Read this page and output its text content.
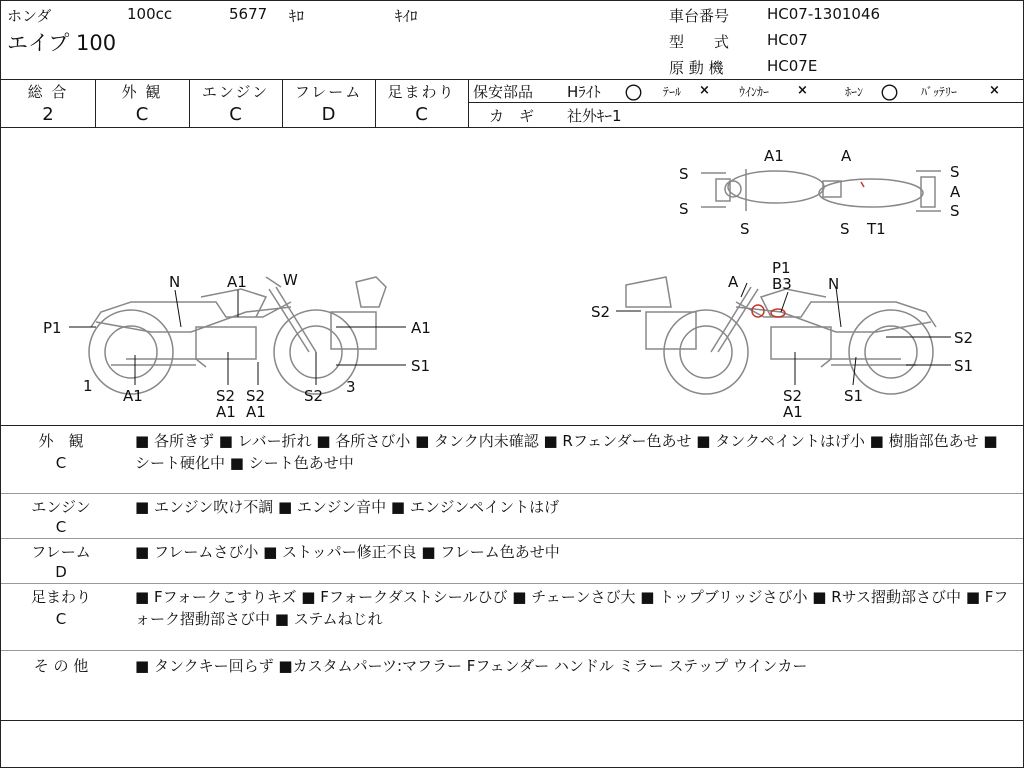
ホンダ	100cc	5677 ｷﾛ	ｷｲﾛ
エイプ 100
車台番号	HC07-1301046
型　　式	HC07
原 動 機	HC07E
総 合
2
外 観
C
エンジン
C
フレーム
D
足まわり
C
保安部品 Hﾗｲﾄ 〇 ﾃｰﾙ × ｳｲﾝｶｰ ×	ﾎｰﾝ 〇 ﾊﾞｯﾃﾘｰ ×
カ　ギ 社外ｷｰ1
N	A1 W
P1	A1
1
A1	S2 S2
A1 A1
S2 3
S1
A
P1
B3 N
S2
S2
S1
S2
A1
S1
A1	A
S
S
S
A
S
S	S T1
外　観
C
■ 各所きず ■ レバー折れ ■ 各所さび小 ■ タンク内未確認 ■ Rフェンダー色あせ ■ タンクペイントはげ小 ■ 樹脂部色あせ ■ シート硬化中 ■ シート色あせ中
エンジン
C
■ エンジン吹け不調 ■ エンジン音中 ■ エンジンペイントはげ
フレーム
D
■ フレームさび小 ■ ストッパー修正不良 ■ フレーム色あせ中
足まわり
C
■ Fフォークこすりキズ ■ Fフォークダストシールひび ■ チェーンさび大 ■ トップブリッジさび小 ■ Rサス摺動部さび中 ■ Fフォーク摺動部さび中 ■ ステムねじれ
そ の 他	■ タンクキー回らず ■カスタムパーツ:マフラー Fフェンダー ハンドル ミラー ステップ ウインカー
